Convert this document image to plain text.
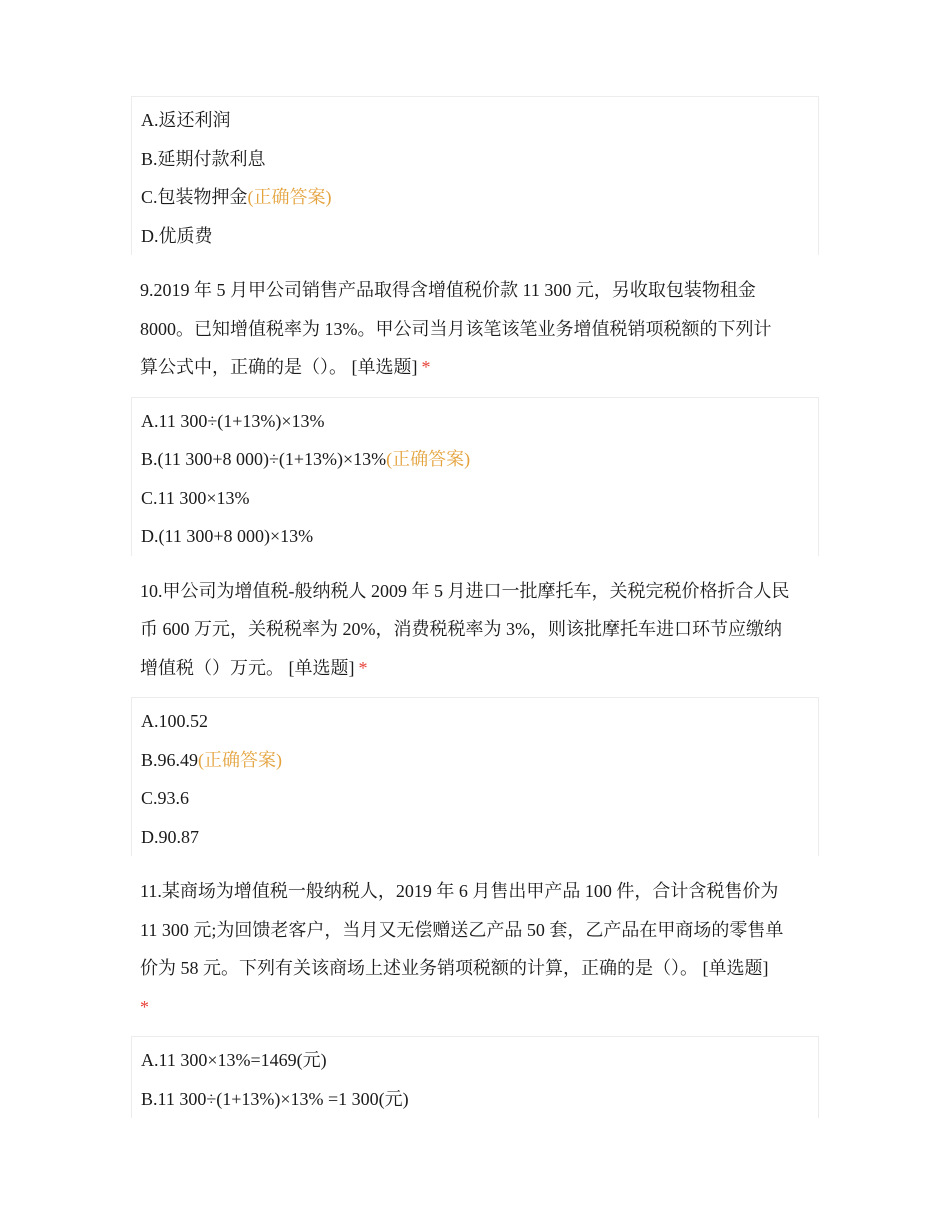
A.返还利润
B.延期付款利息
C.包装物押金(正确答案)
D.优质费
9.2019 年 5 月甲公司销售产品取得含增值税价款 11 300 元，另收取包装物租金
8000。已知增值税率为 13%。甲公司当月该笔该笔业务增值税销项税额的下列计
算公式中，正确的是（）。 [单选题] *
A.11 300÷(1+13%)×13%
B.(11 300+8 000)÷(1+13%)×13%(正确答案)
C.11 300×13%
D.(11 300+8 000)×13%
10.甲公司为增值税-般纳税人 2009 年 5 月进口一批摩托车，关税完税价格折合人民
币 600 万元，关税税率为 20%，消费税税率为 3%，则该批摩托车进口环节应缴纳
增值税（）万元。 [单选题] *
A.100.52
B.96.49(正确答案)
C.93.6
D.90.87
11.某商场为增值税一般纳税人，2019 年 6 月售出甲产品 100 件，合计含税售价为
11 300 元;为回馈老客户，当月又无偿赠送乙产品 50 套，乙产品在甲商场的零售单
价为 58 元。下列有关该商场上述业务销项税额的计算，正确的是（）。 [单选题]
*
A.11 300×13%=1469(元)
B.11 300÷(1+13%)×13% =1 300(元)
